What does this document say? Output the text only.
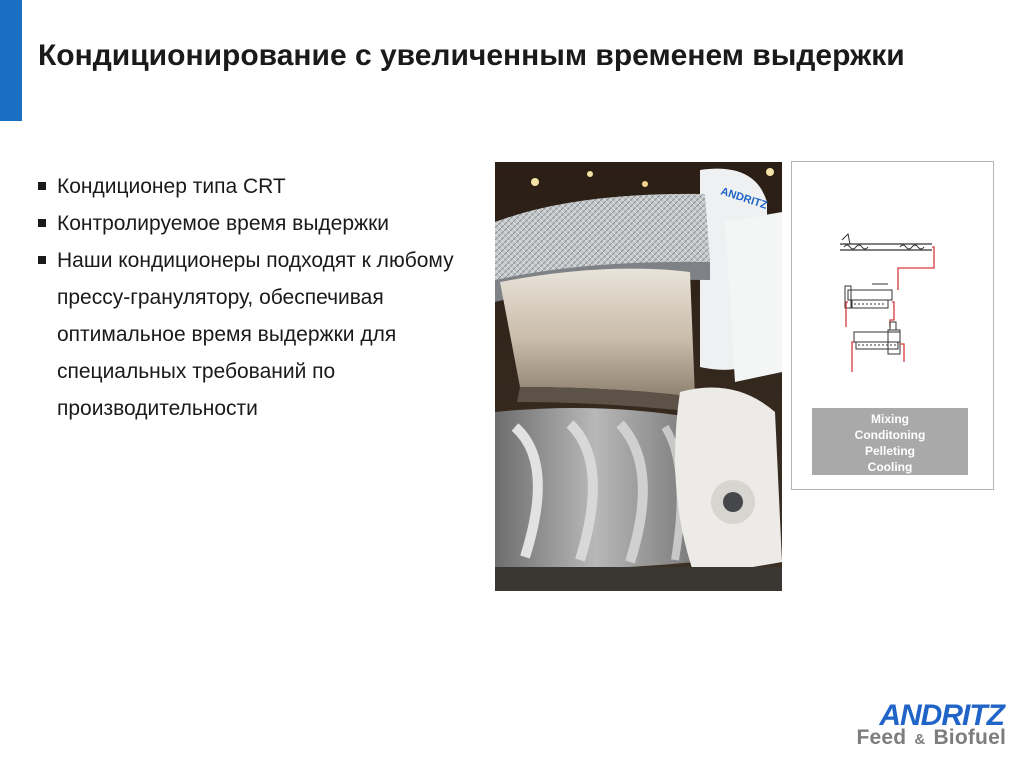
Кондиционирование с увеличенным временем выдержки
Кондиционер типа CRT
Контролируемое время выдержки
Наши кондиционеры подходят к любому прессу-гранулятору, обеспечивая оптимальное время выдержки для специальных требований по производительности
ANDRITZ
Mixing
Conditoning
Pelleting
Cooling
ANDRITZ
Feed & Biofuel
